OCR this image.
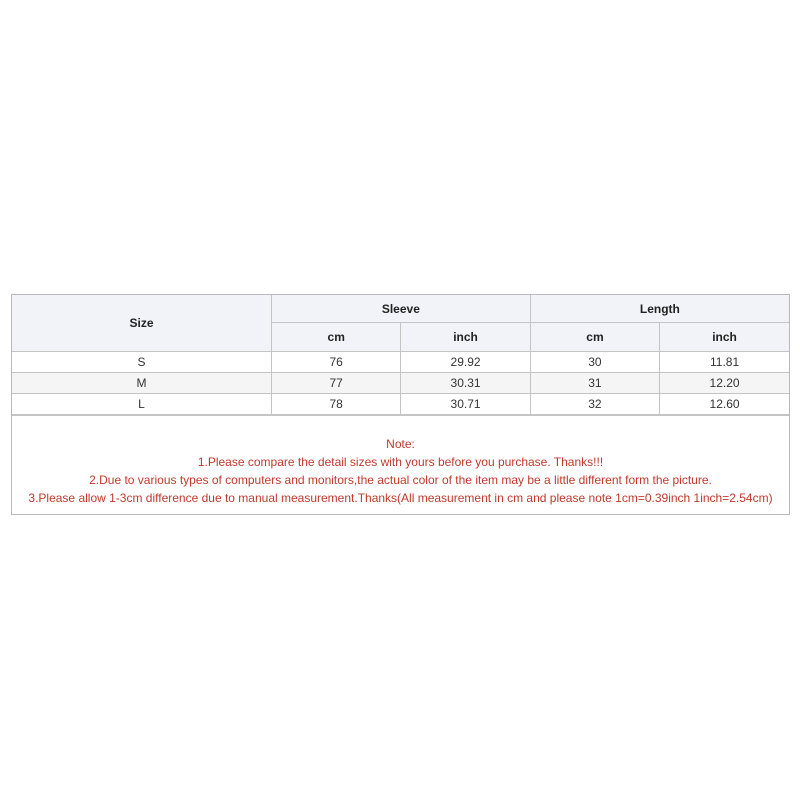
Size	Sleeve		Length	
	cm	inch	cm	inch
S	76	29.92	30	11.81
M	77	30.31	31	12.20
L	78	30.71	32	12.60
Note:
1.Please compare the detail sizes with yours before you purchase. Thanks!!!
2.Due to various types of computers and monitors,the actual color of the item may be a little different form the picture.
3.Please allow 1-3cm difference due to manual measurement.Thanks(All measurement in cm and please note 1cm=0.39inch 1inch=2.54cm)
